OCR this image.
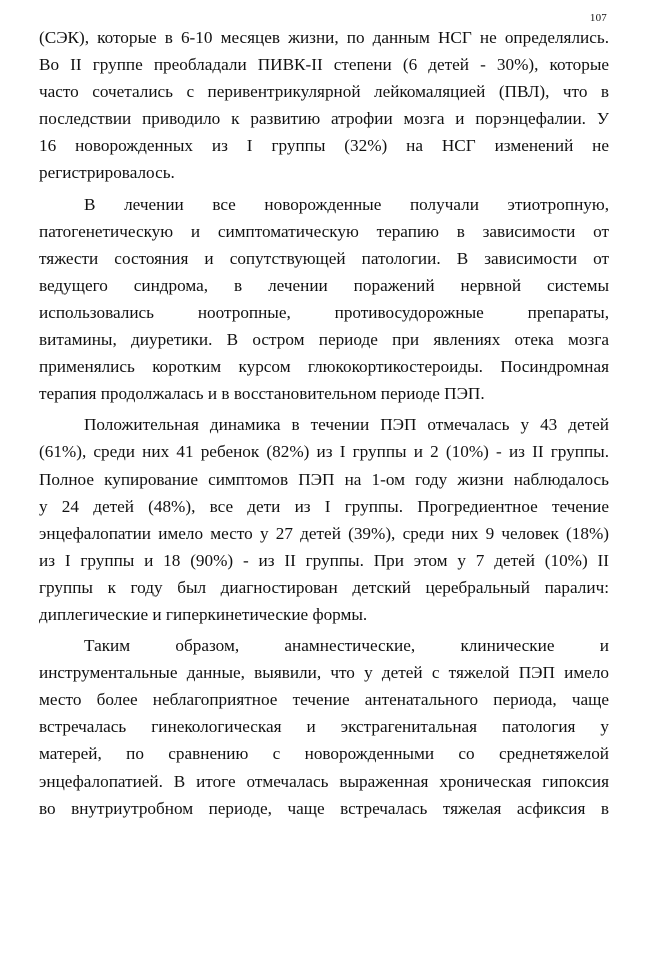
107
(СЭК), которые в 6-10 месяцев жизни, по данным НСГ не определялись.
Во II группе преобладали ПИВК-II степени (6 детей - 30%), которые
часто сочетались с перивентрикулярной лейкомаляцией (ПВЛ), что в
последствии приводило к развитию атрофии мозга и порэнцефалии. У
16 новорожденных из I группы (32%) на НСГ изменений не
регистрировалось.
В лечении все новорожденные получали этиотропную,
патогенетическую и симптоматическую терапию в зависимости от
тяжести состояния и сопутствующей патологии. В зависимости от
ведущего синдрома, в лечении поражений нервной системы
использовались ноотропные, противосудорожные препараты,
витамины, диуретики. В остром периоде при явлениях отека мозга
применялись коротким курсом глюкокортикостероиды. Посиндромная
терапия продолжалась и в восстановительном периоде ПЭП.
Положительная динамика в течении ПЭП отмечалась у 43 детей
(61%), среди них 41 ребенок (82%) из I группы и 2 (10%) - из II группы.
Полное купирование симптомов ПЭП на 1-ом году жизни наблюдалось
у 24 детей (48%), все дети из I группы. Прогредиентное течение
энцефалопатии имело место у 27 детей (39%), среди них 9 человек (18%)
из I группы и 18 (90%) - из II группы. При этом у 7 детей (10%) II
группы к году был диагностирован детский церебральный паралич:
диплегические и гиперкинетические формы.
Таким образом, анамнестические, клинические и
инструментальные данные, выявили, что у детей с тяжелой ПЭП имело
место более неблагоприятное течение антенатального периода, чаще
встречалась гинекологическая и экстрагенитальная патология у
матерей, по сравнению с новорожденными со среднетяжелой
энцефалопатией. В итоге отмечалась выраженная хроническая гипоксия
во внутриутробном периоде, чаще встречалась тяжелая асфиксия в
